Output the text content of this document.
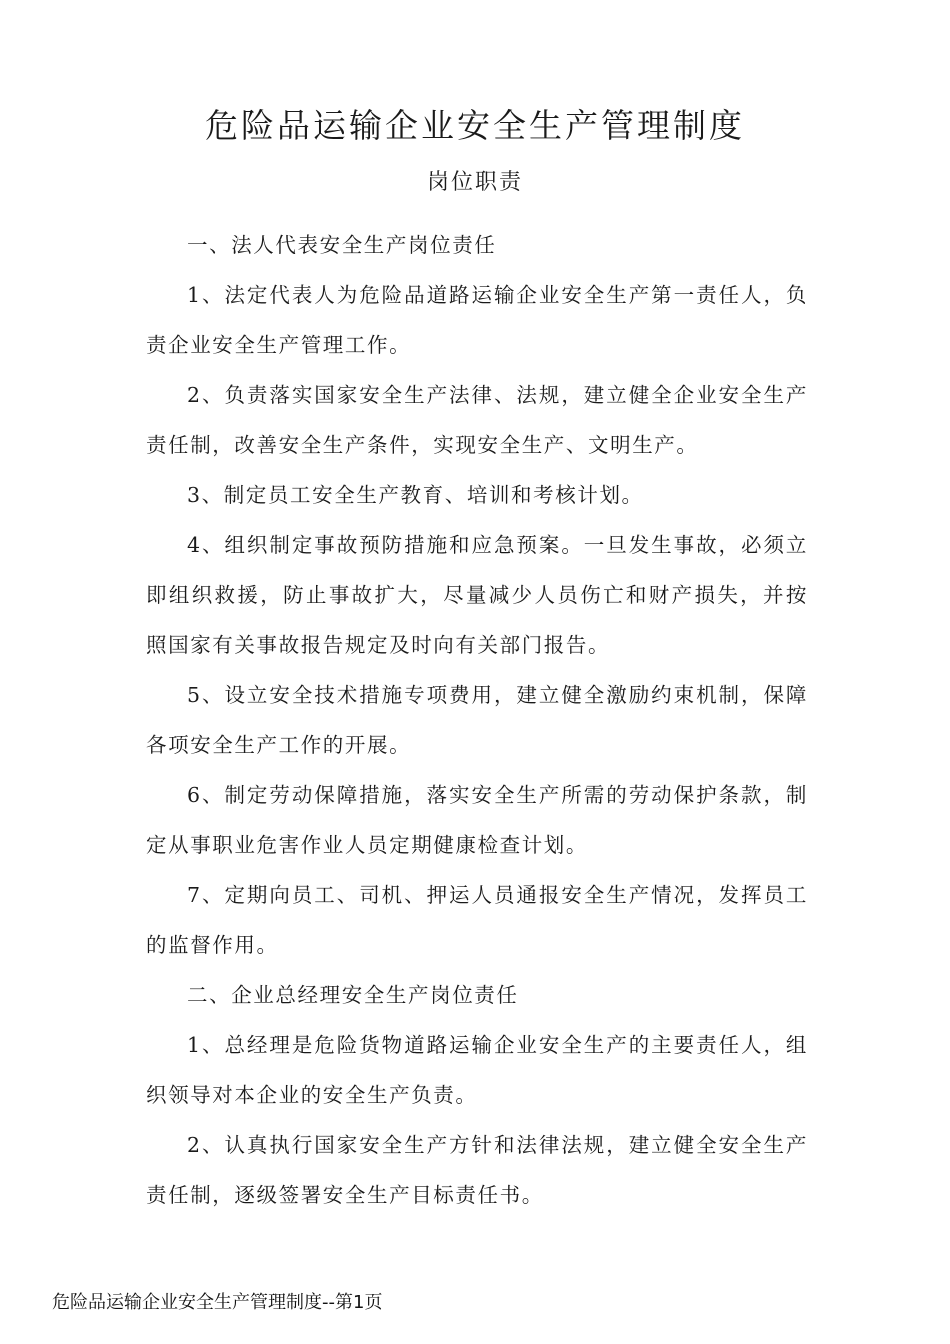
危险品运输企业安全生产管理制度
岗位职责

一、法人代表安全生产岗位责任

1、法定代表人为危险品道路运输企业安全生产第一责任人，负责企业安全生产管理工作。

2、负责落实国家安全生产法律、法规，建立健全企业安全生产责任制，改善安全生产条件，实现安全生产、文明生产。

3、制定员工安全生产教育、培训和考核计划。

4、组织制定事故预防措施和应急预案。一旦发生事故，必须立即组织救援，防止事故扩大，尽量减少人员伤亡和财产损失，并按照国家有关事故报告规定及时向有关部门报告。

5、设立安全技术措施专项费用，建立健全激励约束机制，保障各项安全生产工作的开展。

6、制定劳动保障措施，落实安全生产所需的劳动保护条款，制定从事职业危害作业人员定期健康检查计划。

7、定期向员工、司机、押运人员通报安全生产情况，发挥员工的监督作用。

二、企业总经理安全生产岗位责任

1、总经理是危险货物道路运输企业安全生产的主要责任人，组织领导对本企业的安全生产负责。

2、认真执行国家安全生产方针和法律法规，建立健全安全生产责任制，逐级签署安全生产目标责任书。

危险品运输企业安全生产管理制度--第1页
